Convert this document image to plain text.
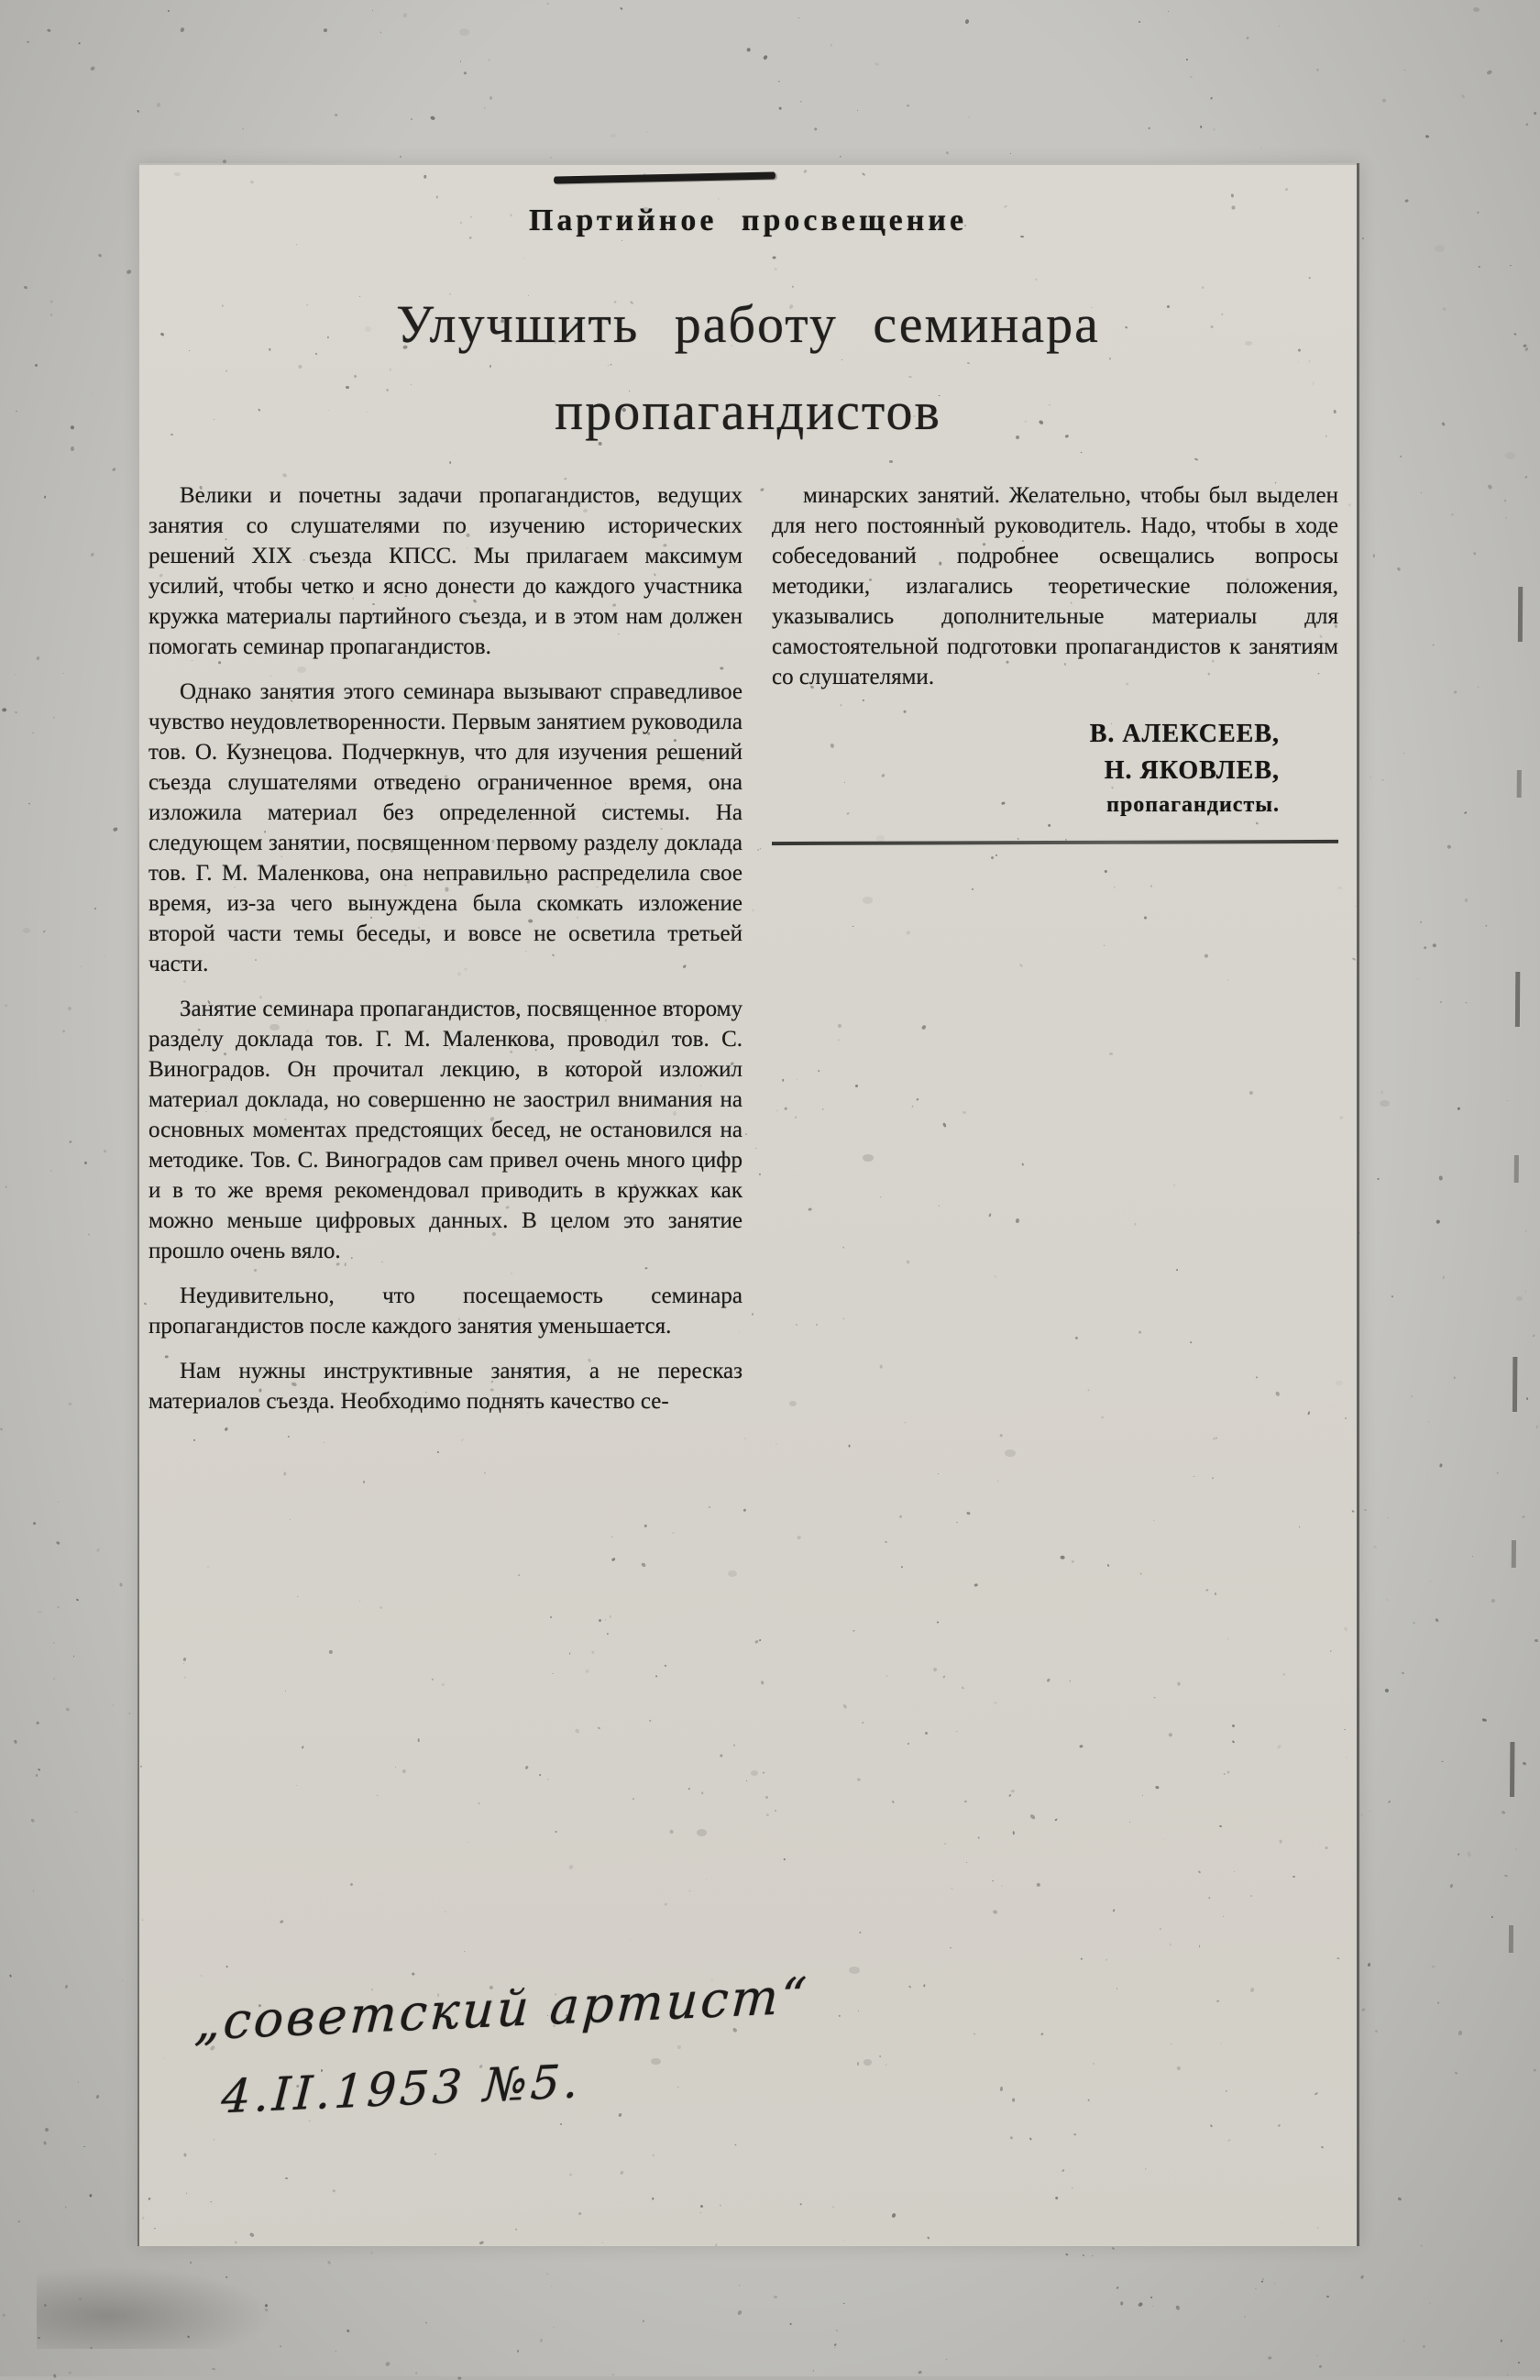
Партийное просвещение
Улучшить работу семинара
пропагандистов

Велики и почетны задачи пропагандистов, ведущих занятия со слушателями по изучению исторических решений XIX съезда КПСС. Мы прилагаем максимум усилий, чтобы четко и ясно донести до каждого участника кружка материалы партийного съезда, и в этом нам должен помогать семинар пропагандистов.

Однако занятия этого семинара вызывают справедливое чувство неудовлетворенности. Первым занятием руководила тов. О. Кузнецова. Подчеркнув, что для изучения решений съезда слушателями отведено ограниченное время, она изложила материал без определенной системы. На следующем занятии, посвященном первому разделу доклада тов. Г. М. Маленкова, она неправильно распределила свое время, из-за чего вынуждена была скомкать изложение второй части темы беседы, и вовсе не осветила третьей части.

Занятие семинара пропагандистов, посвященное второму разделу доклада тов. Г. М. Маленкова, проводил тов. С. Виноградов. Он прочитал лекцию, в которой изложил материал доклада, но совершенно не заострил внимания на основных моментах предстоящих бесед, не остановился на методике. Тов. С. Виноградов сам привел очень много цифр и в то же время рекомендовал приводить в кружках как можно меньше цифровых данных. В целом это занятие прошло очень вяло.

Неудивительно, что посещаемость семинара пропагандистов после каждого занятия уменьшается.

Нам нужны инструктивные занятия, а не пересказ материалов съезда. Необходимо поднять качество се-

минарских занятий. Желательно, чтобы был выделен для него постоянный руководитель. Надо, чтобы в ходе собеседований подробнее освещались вопросы методики, излагались теоретические положения, указывались дополнительные материалы для самостоятельной подготовки пропагандистов к занятиям со слушателями.

В. АЛЕКСЕЕВ,
Н. ЯКОВЛЕВ,
пропагандисты.
„советский артист“
4.II.1953 №5.
